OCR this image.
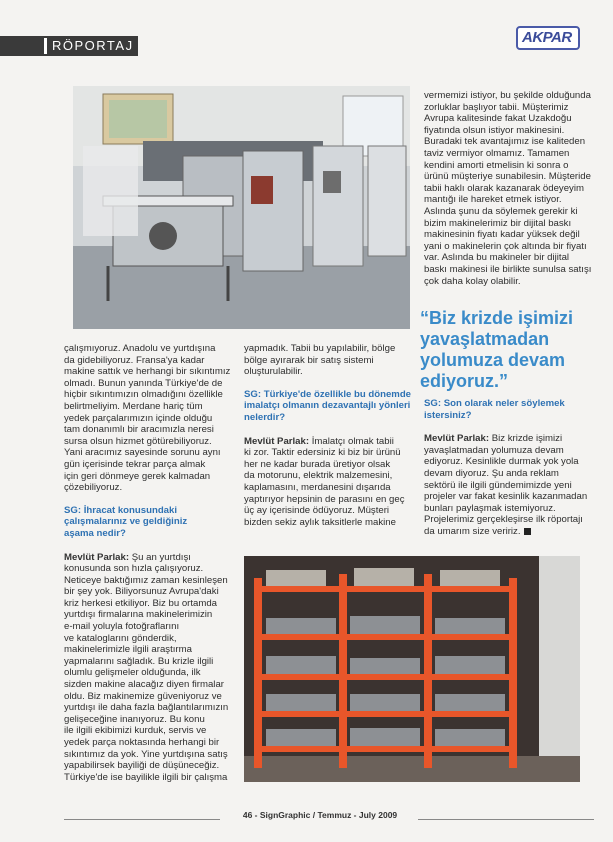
RÖPORTAJ	AKPAR

çalışmıyoruz. Anadolu ve yurtdışına
da gidebiliyoruz. Fransa'ya kadar
makine sattık ve herhangi bir sıkıntımız
olmadı. Bunun yanında Türkiye'de de
hiçbir sıkıntımızın olmadığını özellikle
belirtmeliyim. Merdane hariç tüm
yedek parçalarımızın içinde olduğu
tam donanımlı bir aracımızla neresi
sursa olsun hizmet götürebiliyoruz.
Yani aracımız sayesinde sorunu aynı
gün içerisinde tekrar parça almak
için geri dönmeye gerek kalmadan
çözebiliyoruz.

SG: İhracat konusundaki
çalışmalarınız ve geldiğiniz
aşama nedir?

Mevlüt Parlak: Şu an yurtdışı
konusunda son hızla çalışıyoruz.
Neticeye baktığımız zaman kesinleşen
bir şey yok. Biliyorsunuz Avrupa'daki
kriz herkesi etkiliyor. Biz bu ortamda
yurtdışı firmalarına makinelerimizin
e-mail yoluyla fotoğraflarını
ve kataloglarını gönderdik,
makinelerimizle ilgili araştırma
yapmalarını sağladık. Bu krizle ilgili
olumlu gelişmeler olduğunda, ilk
sizden makine alacağız diyen firmalar
oldu. Biz makinemize güveniyoruz ve
yurtdışı ile daha fazla bağlantılarımızın
gelişeceğine inanıyoruz. Bu konu
ile ilgili ekibimizi kurduk, servis ve
yedek parça noktasında herhangi bir
sıkıntımız da yok. Yine yurtdışına satış
yapabilirsek bayiliği de düşüneceğiz.
Türkiye'de ise bayilikle ilgili bir çalışma

yapmadık. Tabii bu yapılabilir, bölge
bölge ayırarak bir satış sistemi
oluşturulabilir.

SG: Türkiye'de özellikle bu dönemde
imalatçı olmanın dezavantajlı yönleri
nelerdir?

Mevlüt Parlak: İmalatçı olmak tabii
ki zor. Taktir edersiniz ki biz bir ürünü
her ne kadar burada üretiyor olsak
da motorunu, elektrik malzemesini,
kaplamasını, merdanesini dışarıda
yaptırıyor hepsinin de parasını en geç
üç ay içerisinde ödüyoruz. Müşteri
bizden sekiz aylık taksitlerle makine

vermemizi istiyor, bu şekilde olduğunda
zorluklar başlıyor tabii. Müşterimiz
Avrupa kalitesinde fakat Uzakdoğu
fiyatında olsun istiyor makinesini.
Buradaki tek avantajımız ise kaliteden
taviz vermiyor olmamız. Tamamen
kendini amorti etmelisin ki sonra o
ürünü müşteriye sunabilesin. Müşteride
tabii haklı olarak kazanarak ödeyeyim
mantığı ile hareket etmek istiyor.
Aslında şunu da söylemek gerekir ki
bizim makinelerimiz bir dijital baskı
makinesinin fiyatı kadar yüksek değil
yani o makinelerin çok altında bir fiyatı
var. Aslında bu makineler bir dijital
baskı makinesi ile birlikte sunulsa satışı
çok daha kolay olabilir.

“Biz krizde işimizi
yavaşlatmadan
yolumuza devam
ediyoruz.”

SG: Son olarak neler söylemek
istersiniz?

Mevlüt Parlak: Biz krizde işimizi
yavaşlatmadan yolumuza devam
ediyoruz. Kesinlikle durmak yok yola
devam diyoruz. Şu anda reklam
sektörü ile ilgili gündemimizde yeni
projeler var fakat kesinlik kazanmadan
bunları paylaşmak istemiyoruz.
Projelerimiz gerçekleşirse ilk röportajı
da umarım size veririz.

46 - SignGraphic / Temmuz - July 2009
